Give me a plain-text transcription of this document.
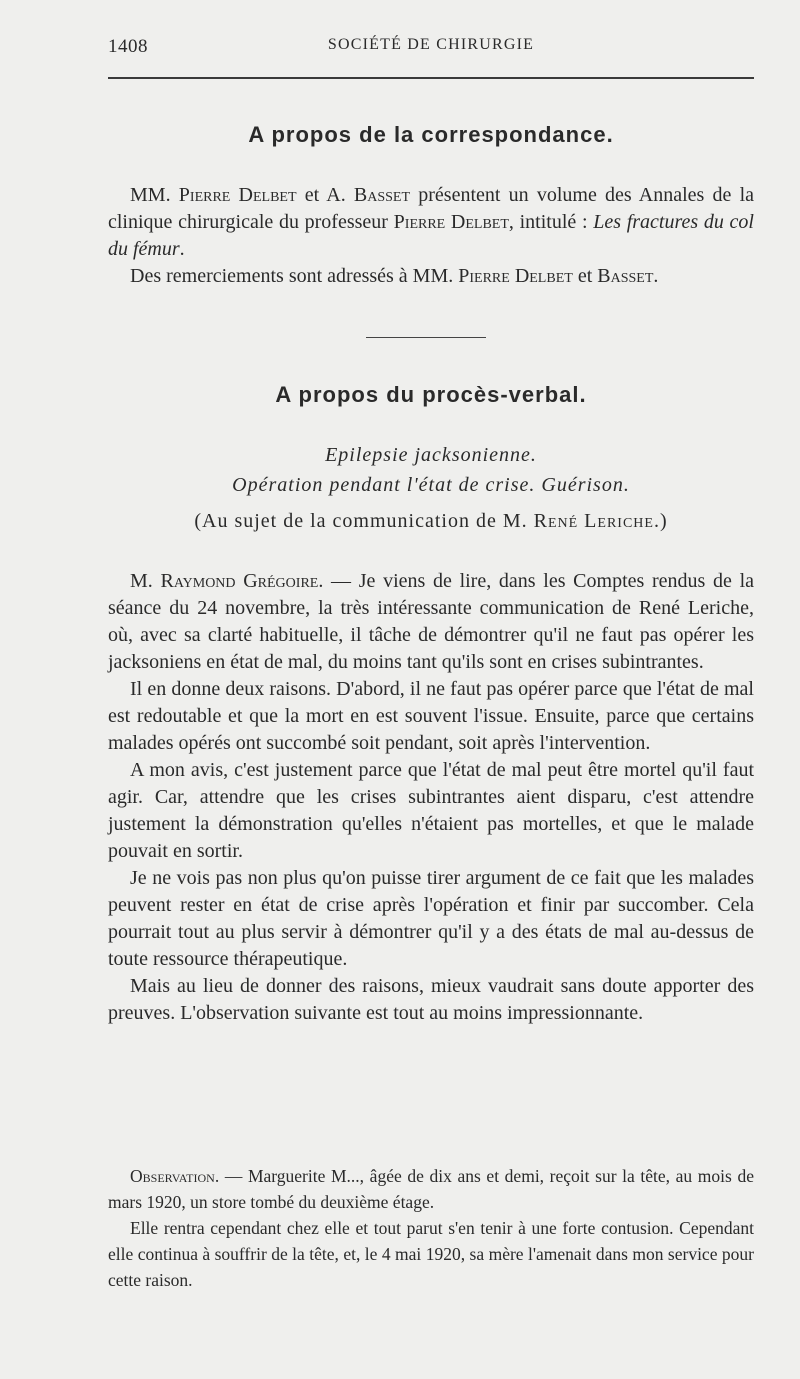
1408	SOCIÉTÉ DE CHIRURGIE
A propos de la correspondance.

MM. Pierre Delbet et A. Basset présentent un volume des Annales de la clinique chirurgicale du professeur Pierre Delbet, intitulé : Les fractures du col du fémur.

Des remerciements sont adressés à MM. Pierre Delbet et Basset.

A propos du procès-verbal.
Epilepsie jacksonienne.
Opération pendant l'état de crise. Guérison.
(Au sujet de la communication de M. René Leriche.)

M. Raymond Grégoire. — Je viens de lire, dans les Comptes rendus de la séance du 24 novembre, la très intéressante communication de René Leriche, où, avec sa clarté habituelle, il tâche de démontrer qu'il ne faut pas opérer les jacksoniens en état de mal, du moins tant qu'ils sont en crises subintrantes.

Il en donne deux raisons. D'abord, il ne faut pas opérer parce que l'état de mal est redoutable et que la mort en est souvent l'issue. Ensuite, parce que certains malades opérés ont succombé soit pendant, soit après l'intervention.

A mon avis, c'est justement parce que l'état de mal peut être mortel qu'il faut agir. Car, attendre que les crises subintrantes aient disparu, c'est attendre justement la démonstration qu'elles n'étaient pas mortelles, et que le malade pouvait en sortir.

Je ne vois pas non plus qu'on puisse tirer argument de ce fait que les malades peuvent rester en état de crise après l'opération et finir par succomber. Cela pourrait tout au plus servir à démontrer qu'il y a des états de mal au-dessus de toute ressource thérapeutique.

Mais au lieu de donner des raisons, mieux vaudrait sans doute apporter des preuves. L'observation suivante est tout au moins impressionnante.

Observation. — Marguerite M..., âgée de dix ans et demi, reçoit sur la tête, au mois de mars 1920, un store tombé du deuxième étage.

Elle rentra cependant chez elle et tout parut s'en tenir à une forte contusion. Cependant elle continua à souffrir de la tête, et, le 4 mai 1920, sa mère l'amenait dans mon service pour cette raison.
